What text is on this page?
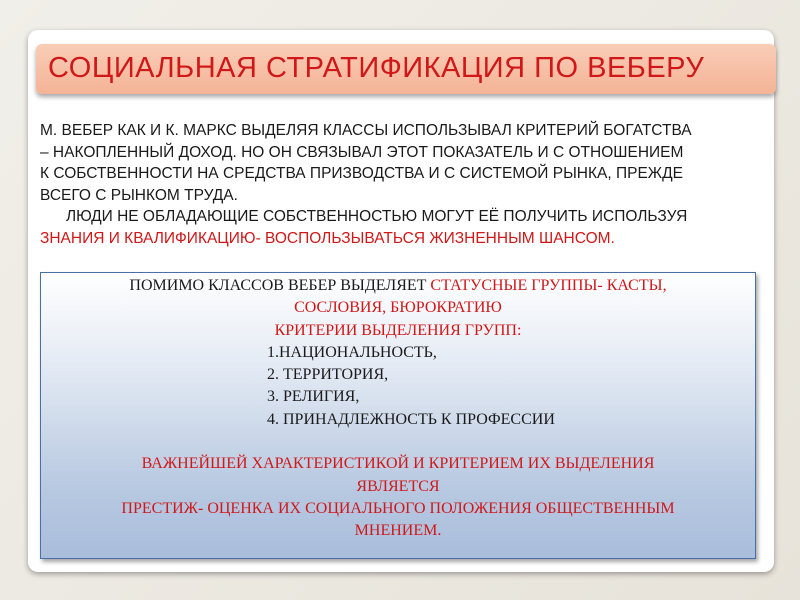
СОЦИАЛЬНАЯ СТРАТИФИКАЦИЯ ПО ВЕБЕРУ

М. ВЕБЕР КАК И К. МАРКС ВЫДЕЛЯЯ КЛАССЫ ИСПОЛЬЗЫВАЛ КРИТЕРИЙ БОГАТСТВА

– НАКОПЛЕННЫЙ ДОХОД. НО ОН СВЯЗЫВАЛ ЭТОТ ПОКАЗАТЕЛЬ И С ОТНОШЕНИЕМ

К СОБСТВЕННОСТИ НА СРЕДСТВА ПРИЗВОДСТВА И С СИСТЕМОЙ РЫНКА, ПРЕЖДЕ

ВСЕГО С РЫНКОМ ТРУДА.

ЛЮДИ НЕ ОБЛАДАЮЩИЕ СОБСТВЕННОСТЬЮ МОГУТ ЕЁ ПОЛУЧИТЬ ИСПОЛЬЗУЯ

ЗНАНИЯ И КВАЛИФИКАЦИЮ- ВОСПОЛЬЗЫВАТЬСЯ ЖИЗНЕННЫМ ШАНСОМ.

ПОМИМО КЛАССОВ ВЕБЕР ВЫДЕЛЯЕТ СТАТУСНЫЕ ГРУППЫ- КАСТЫ,
СОСЛОВИЯ, БЮРОКРАТИЮ
КРИТЕРИИ ВЫДЕЛЕНИЯ ГРУПП:
1.НАЦИОНАЛЬНОСТЬ,
2. ТЕРРИТОРИЯ,
3. РЕЛИГИЯ,
4. ПРИНАДЛЕЖНОСТЬ К ПРОФЕССИИ
ВАЖНЕЙШЕЙ ХАРАКТЕРИСТИКОЙ И КРИТЕРИЕМ ИХ ВЫДЕЛЕНИЯ
ЯВЛЯЕТСЯ
ПРЕСТИЖ- ОЦЕНКА ИХ СОЦИАЛЬНОГО ПОЛОЖЕНИЯ ОБЩЕСТВЕННЫМ
МНЕНИЕМ.
